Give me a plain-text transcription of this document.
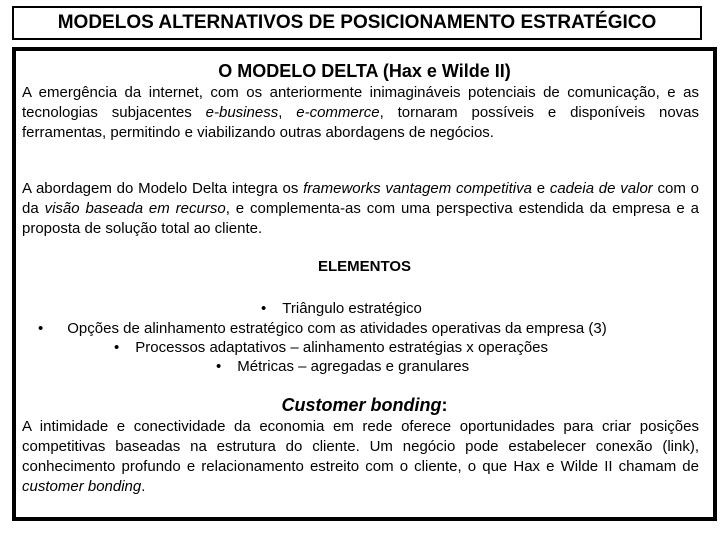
MODELOS ALTERNATIVOS DE POSICIONAMENTO ESTRATÉGICO
O MODELO DELTA (Hax e Wilde II)
A emergência da internet, com os anteriormente inimagináveis potenciais de comunicação, e as tecnologias subjacentes e-business, e-commerce, tornaram possíveis e disponíveis novas ferramentas, permitindo e viabilizando outras abordagens de negócios.
A abordagem do Modelo Delta integra os frameworks vantagem competitiva e cadeia de valor com o da visão baseada em recurso, e complementa-as com uma perspectiva estendida da empresa e a proposta de solução total ao cliente.
ELEMENTOS
• Triângulo estratégico
• Opções de alinhamento estratégico com as atividades operativas da empresa (3)
• Processos adaptativos – alinhamento estratégias x operações
• Métricas – agregadas e granulares
Customer bonding:
A intimidade e conectividade da economia em rede oferece oportunidades para criar posições competitivas baseadas na estrutura do cliente. Um negócio pode estabelecer conexão (link), conhecimento profundo e relacionamento estreito com o cliente, o que Hax e Wilde II chamam de customer bonding.
